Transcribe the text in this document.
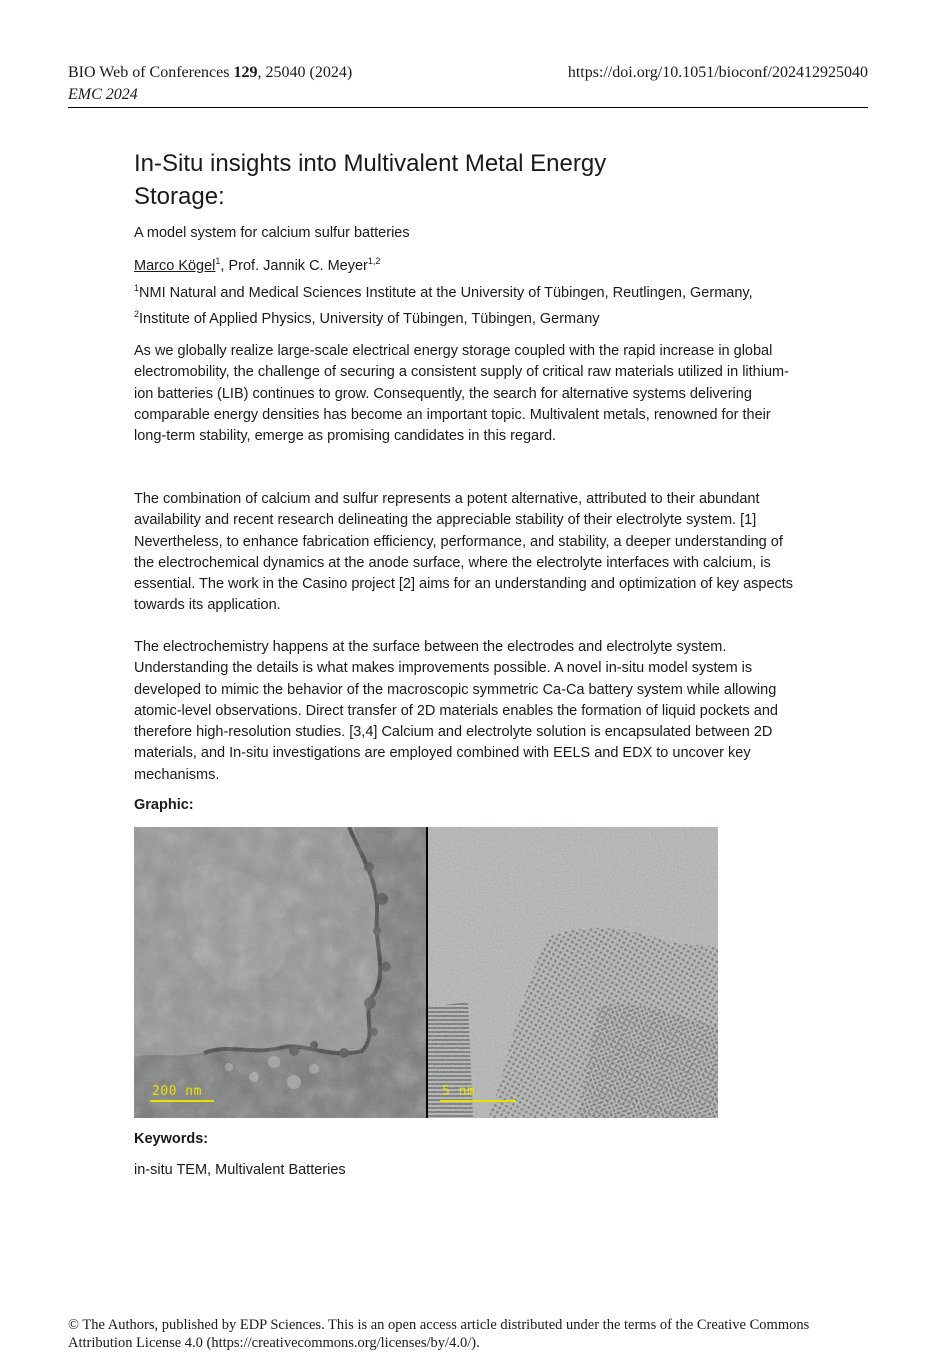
BIO Web of Conferences 129, 25040 (2024)	https://doi.org/10.1051/bioconf/202412925040
EMC 2024
In-Situ insights into Multivalent Metal Energy Storage:
A model system for calcium sulfur batteries
Marco Kögel$^1$, Prof. Jannik C. Meyer$^{1,2}$
$^1$NMI Natural and Medical Sciences Institute at the University of Tübingen, Reutlingen, Germany, $^2$Institute of Applied Physics, University of Tübingen, Tübingen, Germany

As we globally realize large-scale electrical energy storage coupled with the rapid increase in global electromobility, the challenge of securing a consistent supply of critical raw materials utilized in lithium-ion batteries (LIB) continues to grow. Consequently, the search for alternative systems delivering comparable energy densities has become an important topic. Multivalent metals, renowned for their long-term stability, emerge as promising candidates in this regard.

The combination of calcium and sulfur represents a potent alternative, attributed to their abundant availability and recent research delineating the appreciable stability of their electrolyte system. [1] Nevertheless, to enhance fabrication efficiency, performance, and stability, a deeper understanding of the electrochemical dynamics at the anode surface, where the electrolyte interfaces with calcium, is essential. The work in the Casino project [2] aims for an understanding and optimization of key aspects towards its application.

The electrochemistry happens at the surface between the electrodes and electrolyte system. Understanding the details is what makes improvements possible. A novel in-situ model system is developed to mimic the behavior of the macroscopic symmetric Ca-Ca battery system while allowing atomic-level observations. Direct transfer of 2D materials enables the formation of liquid pockets and therefore high-resolution studies. [3,4] Calcium and electrolyte solution is encapsulated between 2D materials, and In-situ investigations are employed combined with EELS and EDX to uncover key mechanisms.

Graphic:
200 nm	5 nm
Keywords:
in-situ TEM, Multivalent Batteries
© The Authors, published by EDP Sciences. This is an open access article distributed under the terms of the Creative Commons Attribution License 4.0 (https://creativecommons.org/licenses/by/4.0/).
